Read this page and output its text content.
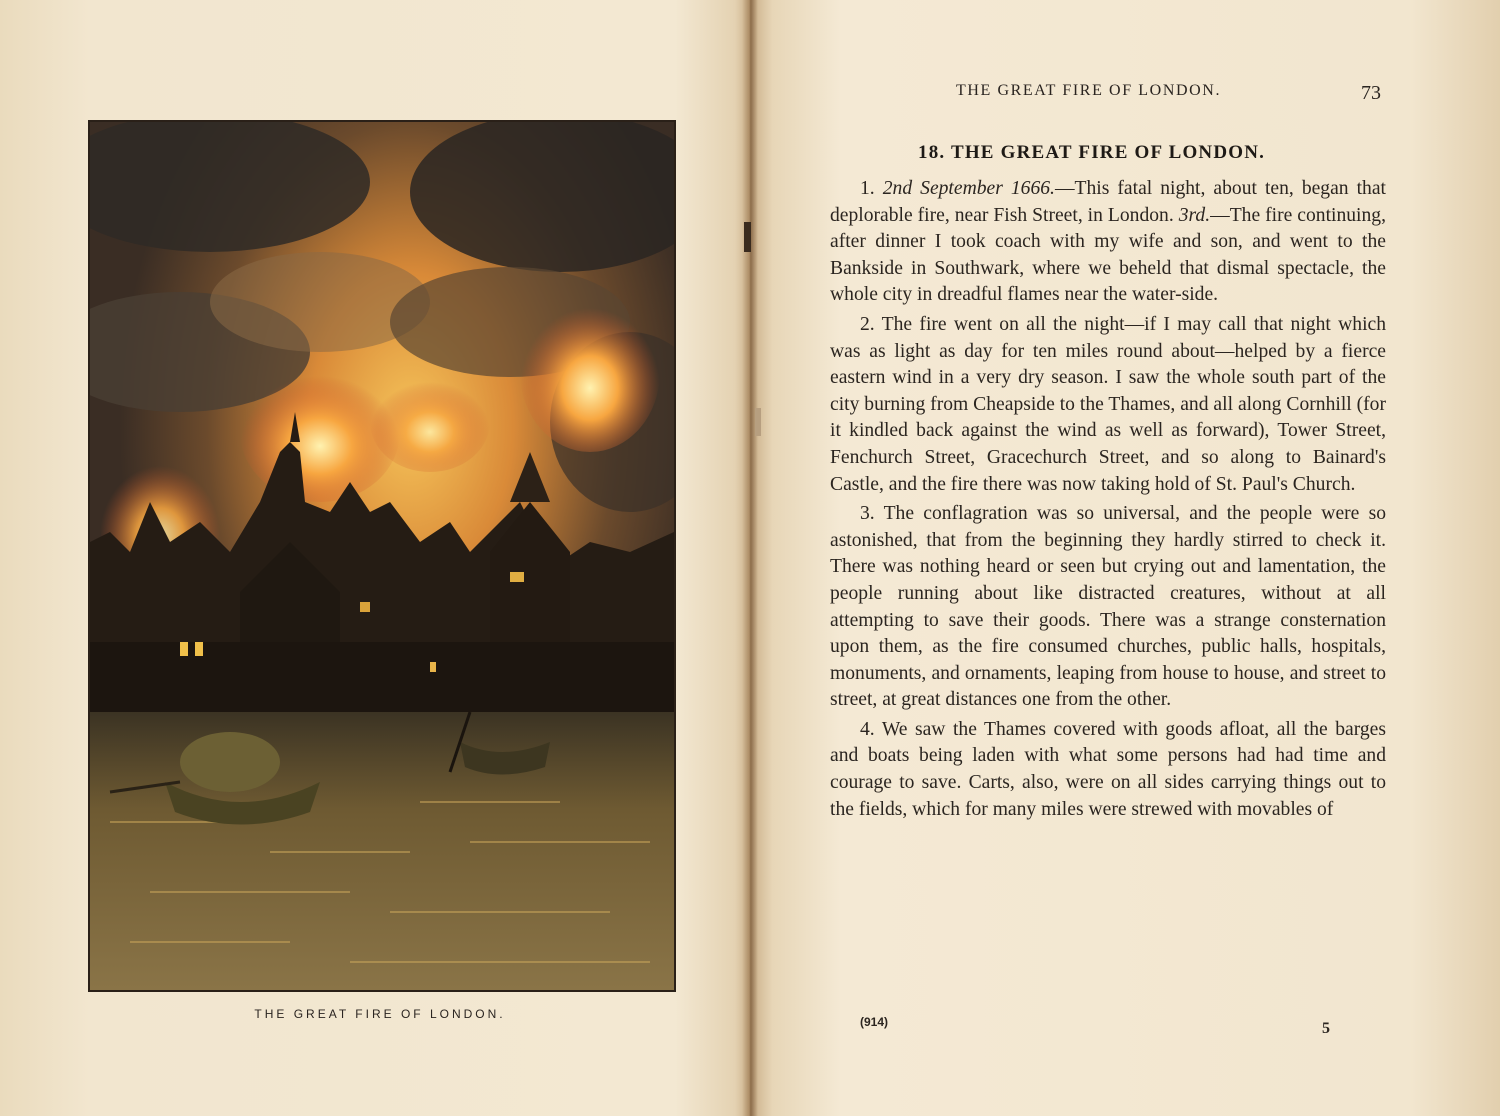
THE GREAT FIRE OF LONDON.
THE GREAT FIRE OF LONDON.	73
18. THE GREAT FIRE OF LONDON.

1. 2nd September 1666.—This fatal night, about ten, began that deplorable fire, near Fish Street, in London. 3rd.—The fire continuing, after dinner I took coach with my wife and son, and went to the Bankside in Southwark, where we beheld that dismal spectacle, the whole city in dreadful flames near the water-side.

2. The fire went on all the night—if I may call that night which was as light as day for ten miles round about—helped by a fierce eastern wind in a very dry season. I saw the whole south part of the city burning from Cheapside to the Thames, and all along Cornhill (for it kindled back against the wind as well as forward), Tower Street, Fenchurch Street, Gracechurch Street, and so along to Bainard's Castle, and the fire there was now taking hold of St. Paul's Church.

3. The conflagration was so universal, and the people were so astonished, that from the beginning they hardly stirred to check it. There was nothing heard or seen but crying out and lamentation, the people running about like distracted creatures, without at all attempting to save their goods. There was a strange consternation upon them, as the fire consumed churches, public halls, hospitals, monuments, and ornaments, leaping from house to house, and street to street, at great distances one from the other.

4. We saw the Thames covered with goods afloat, all the barges and boats being laden with what some persons had had time and courage to save. Carts, also, were on all sides carrying things out to the fields, which for many miles were strewed with movables of

(914)	5
